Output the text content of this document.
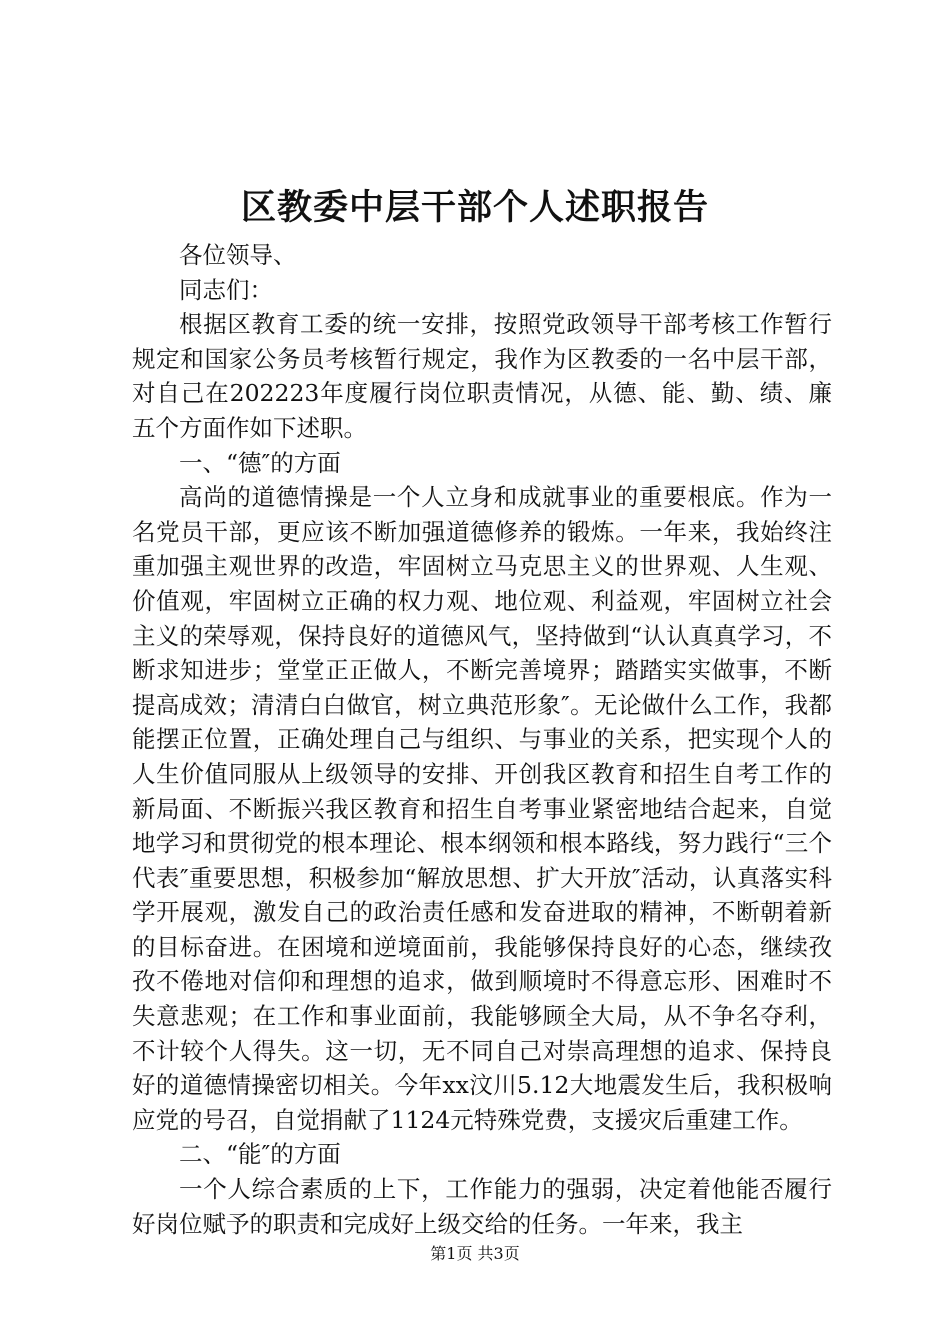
区教委中层干部个人述职报告

各位领导、

同志们：

根据区教育工委的统一安排，按照党政领导干部考核工作暂行规定和国家公务员考核暂行规定，我作为区教委的一名中层干部，对自己在202223年度履行岗位职责情况，从德、能、勤、绩、廉五个方面作如下述职。

一、“德″的方面

高尚的道德情操是一个人立身和成就事业的重要根底。作为一名党员干部，更应该不断加强道德修养的锻炼。一年来，我始终注重加强主观世界的改造，牢固树立马克思主义的世界观、人生观、价值观，牢固树立正确的权力观、地位观、利益观，牢固树立社会主义的荣辱观，保持良好的道德风气，坚持做到“认认真真学习，不断求知进步；堂堂正正做人，不断完善境界；踏踏实实做事，不断提高成效；清清白白做官，树立典范形象″。无论做什么工作，我都能摆正位置，正确处理自己与组织、与事业的关系，把实现个人的人生价值同服从上级领导的安排、开创我区教育和招生自考工作的新局面、不断振兴我区教育和招生自考事业紧密地结合起来，自觉地学习和贯彻党的根本理论、根本纲领和根本路线，努力践行“三个代表″重要思想，积极参加“解放思想、扩大开放″活动，认真落实科学开展观，激发自己的政治责任感和发奋进取的精神，不断朝着新的目标奋进。在困境和逆境面前，我能够保持良好的心态，继续孜孜不倦地对信仰和理想的追求，做到顺境时不得意忘形、困难时不失意悲观；在工作和事业面前，我能够顾全大局，从不争名夺利，不计较个人得失。这一切，无不同自己对崇高理想的追求、保持良好的道德情操密切相关。今年xx汶川5.12大地震发生后，我积极响应党的号召，自觉捐献了1124元特殊党费，支援灾后重建工作。

二、“能″的方面

一个人综合素质的上下，工作能力的强弱，决定着他能否履行好岗位赋予的职责和完成好上级交给的任务。一年来，我主

第1页 共3页
